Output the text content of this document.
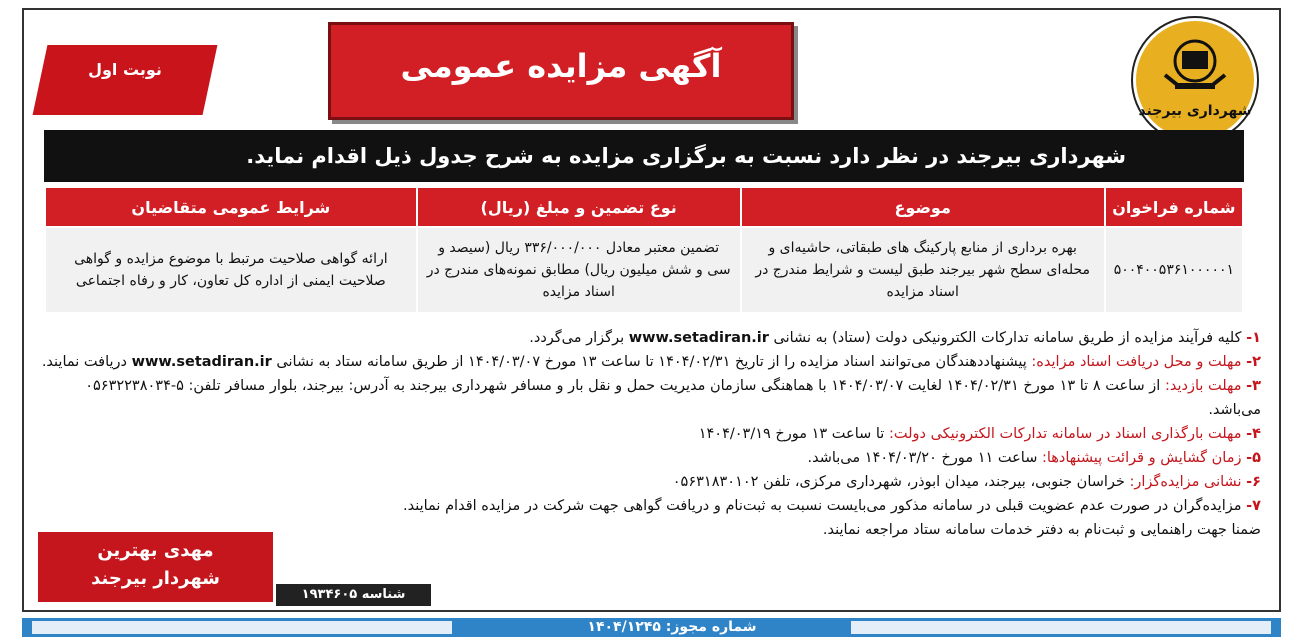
شهرداری بیرجند
آگهی مزایده عمومی
نوبت اول
شهرداری بیرجند در نظر دارد نسبت به برگزاری مزایده به شرح جدول ذیل اقدام نماید.
شماره فراخوان	موضوع	نوع تضمین و مبلغ (ریال)	شرایط عمومی متقاضیان
۵۰۰۴۰۰۵۳۶۱۰۰۰۰۰۱	بهره برداری از منابع پارکینگ های طبقاتی، حاشیه‌ای و محله‌ای سطح شهر بیرجند طبق لیست و شرایط مندرج در اسناد مزایده	تضمین معتبر معادل ۳۳۶/۰۰۰/۰۰۰ ریال (سیصد و سی و شش میلیون ریال) مطابق نمونه‌های مندرج در اسناد مزایده	ارائه گواهی صلاحیت مرتبط با موضوع مزایده و گواهی صلاحیت ایمنی از اداره کل تعاون، کار و رفاه اجتماعی

۱- کلیه فرآیند مزایده از طریق سامانه تدارکات الکترونیکی دولت (ستاد) به نشانی www.setadiran.ir برگزار می‌گردد.

۲- مهلت و محل دریافت اسناد مزایده: پیشنهاددهندگان می‌توانند اسناد مزایده را از تاریخ ۱۴۰۴/۰۲/۳۱ تا ساعت ۱۳ مورخ ۱۴۰۴/۰۳/۰۷ از طریق سامانه ستاد به نشانی www.setadiran.ir دریافت نمایند.

۳- مهلت بازدید: از ساعت ۸ تا ۱۳ مورخ ۱۴۰۴/۰۲/۳۱ لغایت ۱۴۰۴/۰۳/۰۷ با هماهنگی سازمان مدیریت حمل و نقل بار و مسافر شهرداری بیرجند به آدرس: بیرجند، بلوار مسافر تلفن: ۵-۰۵۶۳۲۲۳۸۰۳۴ می‌باشد.

۴- مهلت بارگذاری اسناد در سامانه تدارکات الکترونیکی دولت: تا ساعت ۱۳ مورخ ۱۴۰۴/۰۳/۱۹

۵- زمان گشایش و قرائت پیشنهادها: ساعت ۱۱ مورخ ۱۴۰۴/۰۳/۲۰ می‌باشد.

۶- نشانی مزایده‌گزار: خراسان جنوبی، بیرجند، میدان ابوذر، شهرداری مرکزی، تلفن ۰۵۶۳۱۸۳۰۱۰۲

۷- مزایده‌گران در صورت عدم عضویت قبلی در سامانه مذکور می‌بایست نسبت به ثبت‌نام و دریافت گواهی جهت شرکت در مزایده اقدام نمایند.

ضمنا جهت راهنمایی و ثبت‌نام به دفتر خدمات سامانه ستاد مراجعه نمایند.

مهدی بهترین
شهردار بیرجند
شناسه ۱۹۳۴۶۰۵
شماره مجوز: ۱۴۰۴/۱۲۴۵
